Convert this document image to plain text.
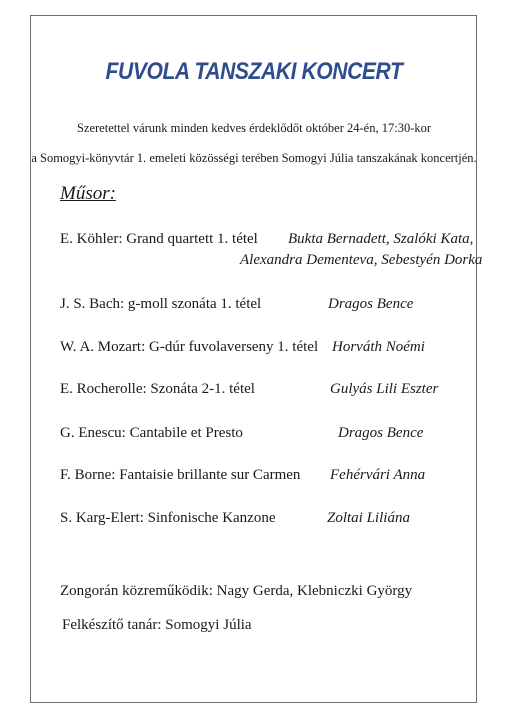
FUVOLA TANSZAKI KONCERT
Szeretettel várunk minden kedves érdeklődőt október 24-én, 17:30-kor
a Somogyi-könyvtár 1. emeleti közösségi terében Somogyi Júlia tanszakának koncertjén.
Műsor:
E. Köhler: Grand quartett 1. tétel Bukta Bernadett, Szalóki Kata,
Alexandra Dementeva, Sebestyén Dorka
J. S. Bach: g-moll szonáta 1. tétel	Dragos Bence
W. A. Mozart: G-dúr fuvolaverseny 1. tétel Horváth Noémi
E. Rocherolle: Szonáta 2-1. tétel	Gulyás Lili Eszter
G. Enescu: Cantabile et Presto	Dragos Bence
F. Borne: Fantaisie brillante sur Carmen Fehérvári Anna
S. Karg-Elert: Sinfonische Kanzone	Zoltai Liliána
Zongorán közreműködik: Nagy Gerda, Klebniczki György
Felkészítő tanár: Somogyi Júlia
